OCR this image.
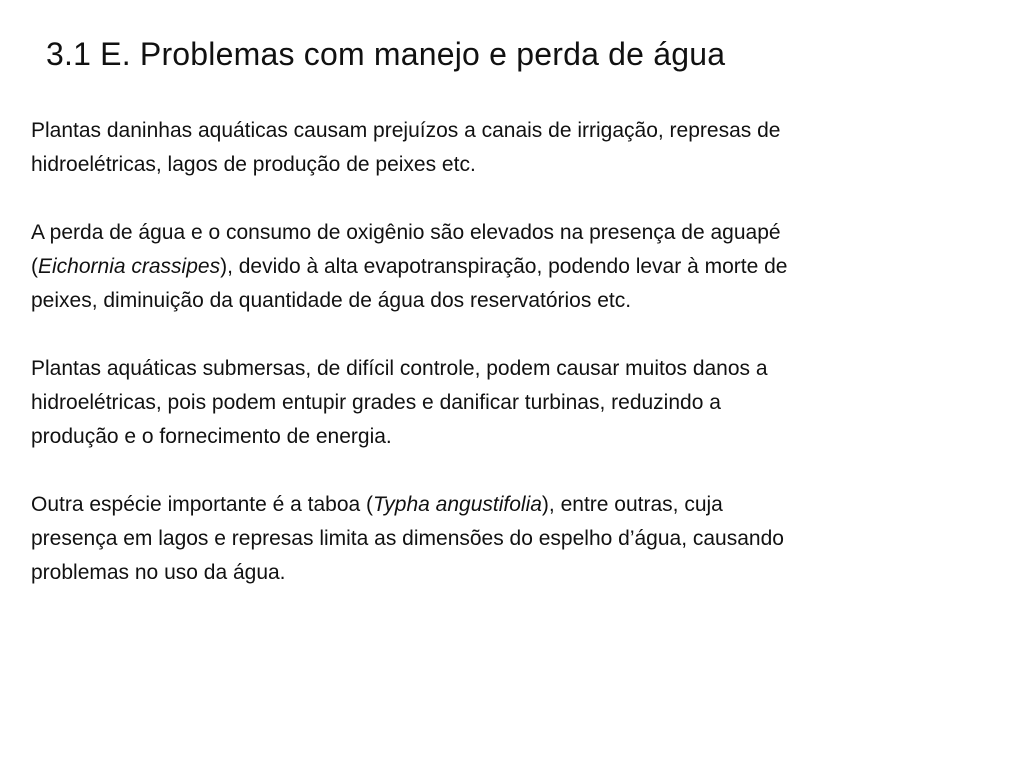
3.1 E. Problemas com manejo e perda de água

Plantas daninhas aquáticas causam prejuízos a canais de irrigação, represas de
hidroelétricas, lagos de produção de peixes etc.

A perda de água e o consumo de oxigênio são elevados na presença de aguapé
(Eichornia crassipes), devido à alta evapotranspiração, podendo levar à morte de
peixes, diminuição da quantidade de água dos reservatórios etc.

Plantas aquáticas submersas, de difícil controle, podem causar muitos danos a
hidroelétricas, pois podem entupir grades e danificar turbinas, reduzindo a
produção e o fornecimento de energia.

Outra espécie importante é a taboa (Typha angustifolia), entre outras, cuja
presença em lagos e represas limita as dimensões do espelho d’água, causando
problemas no uso da água.
